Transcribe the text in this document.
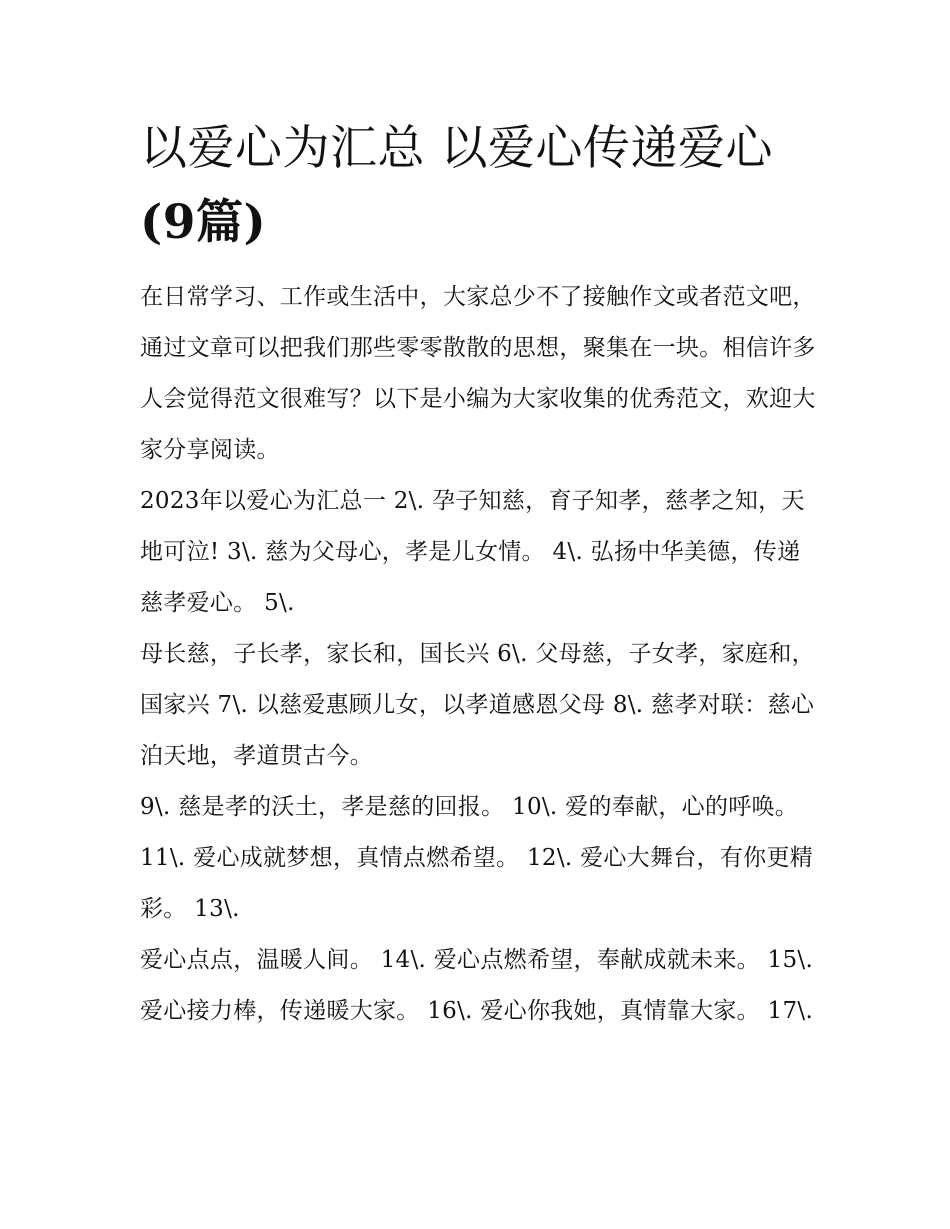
以爱心为汇总 以爱心传递爱心
(9篇)

在日常学习、工作或生活中，大家总少不了接触作文或者范文吧，通过文章可以把我们那些零零散散的思想，聚集在一块。相信许多人会觉得范文很难写？以下是小编为大家收集的优秀范文，欢迎大家分享阅读。

2023年以爱心为汇总一 2\. 孕子知慈，育子知孝，慈孝之知，天地可泣! 3\. 慈为父母心，孝是儿女情。 4\. 弘扬中华美德，传递慈孝爱心。 5\.

母长慈，子长孝，家长和，国长兴 6\. 父母慈，子女孝，家庭和，国家兴 7\. 以慈爱惠顾儿女，以孝道感恩父母 8\. 慈孝对联：慈心泊天地，孝道贯古今。

9\. 慈是孝的沃土，孝是慈的回报。 10\. 爱的奉献，心的呼唤。 11\. 爱心成就梦想，真情点燃希望。 12\. 爱心大舞台，有你更精彩。 13\.

爱心点点，温暖人间。 14\. 爱心点燃希望，奉献成就未来。 15\. 爱心接力棒，传递暖大家。 16\. 爱心你我她，真情靠大家。 17\.
